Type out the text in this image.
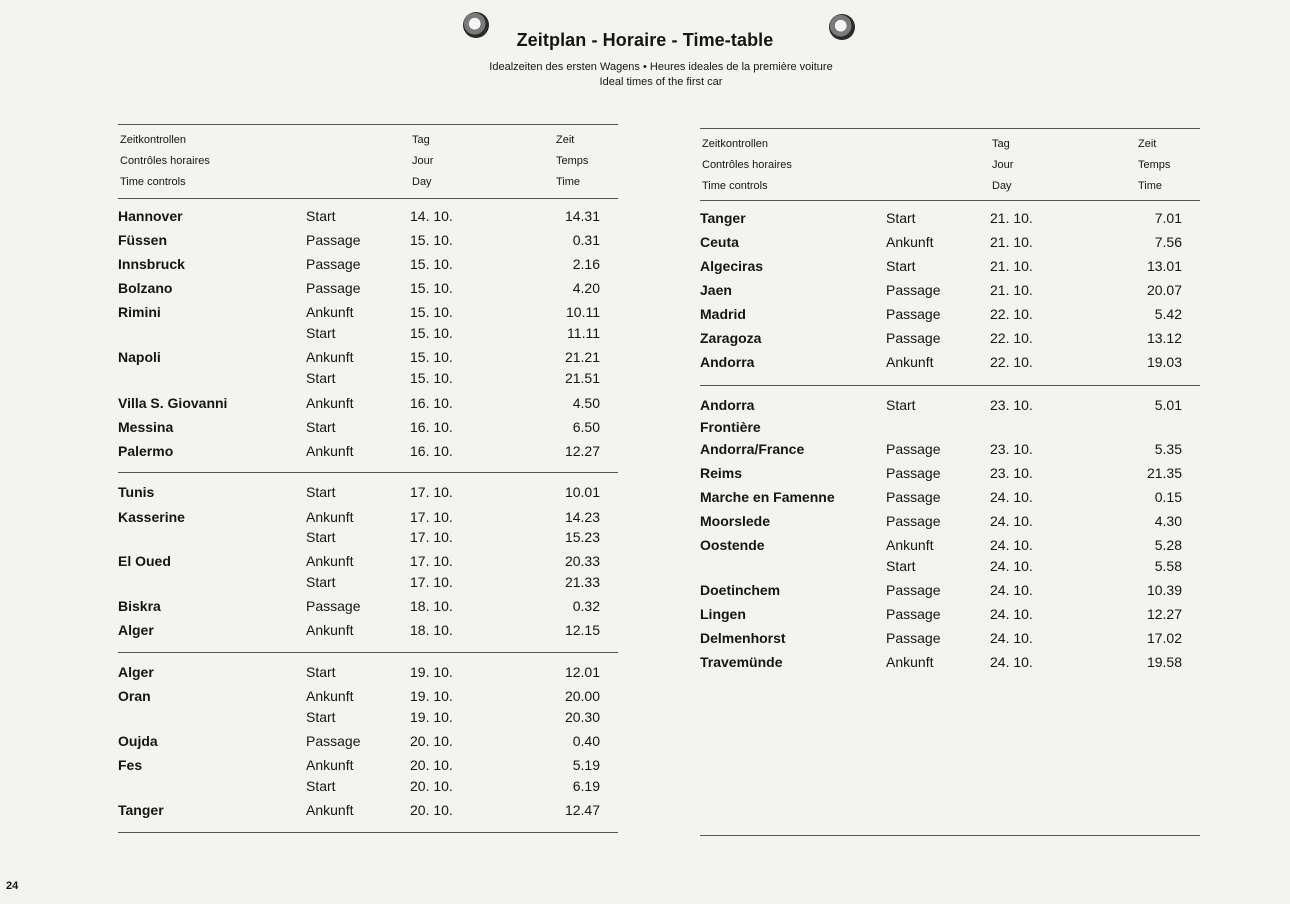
Zeitplan - Horaire - Time-table
Idealzeiten des ersten Wagens • Heures ideales de la première voiture
Ideal times of the first car
Zeitkontrollen
Contrôles horaires
Time controls
Tag
Jour
Day
Zeit
Temps
Time
Hannover	Start	14. 10.	14.31
Füssen	Passage	15. 10.	0.31
Innsbruck	Passage	15. 10.	2.16
Bolzano	Passage	15. 10.	4.20
Rimini	Ankunft	15. 10.	10.11
Start	15. 10.	11.11
Napoli	Ankunft	15. 10.	21.21
Start	15. 10.	21.51
Villa S. Giovanni	Ankunft	16. 10.	4.50
Messina	Start	16. 10.	6.50
Palermo	Ankunft	16. 10.	12.27
Tunis	Start	17. 10.	10.01
Kasserine	Ankunft	17. 10.	14.23
Start	17. 10.	15.23
El Oued	Ankunft	17. 10.	20.33
Start	17. 10.	21.33
Biskra	Passage	18. 10.	0.32
Alger	Ankunft	18. 10.	12.15
Alger	Start	19. 10.	12.01
Oran	Ankunft	19. 10.	20.00
Start	19. 10.	20.30
Oujda	Passage	20. 10.	0.40
Fes	Ankunft	20. 10.	5.19
Start	20. 10.	6.19
Tanger	Ankunft	20. 10.	12.47
Zeitkontrollen
Contrôles horaires
Time controls
Tag
Jour
Day
Zeit
Temps
Time
Tanger	Start	21. 10.	7.01
Ceuta	Ankunft	21. 10.	7.56
Algeciras	Start	21. 10.	13.01
Jaen	Passage	21. 10.	20.07
Madrid	Passage	22. 10.	5.42
Zaragoza	Passage	22. 10.	13.12
Andorra	Ankunft	22. 10.	19.03
Andorra	Start	23. 10.	5.01
Frontière
Andorra/France	Passage	23. 10.	5.35
Reims	Passage	23. 10.	21.35
Marche en Famenne	Passage	24. 10.	0.15
Moorslede	Passage	24. 10.	4.30
Oostende	Ankunft	24. 10.	5.28
Start	24. 10.	5.58
Doetinchem	Passage	24. 10.	10.39
Lingen	Passage	24. 10.	12.27
Delmenhorst	Passage	24. 10.	17.02
Travemünde	Ankunft	24. 10.	19.58
24
